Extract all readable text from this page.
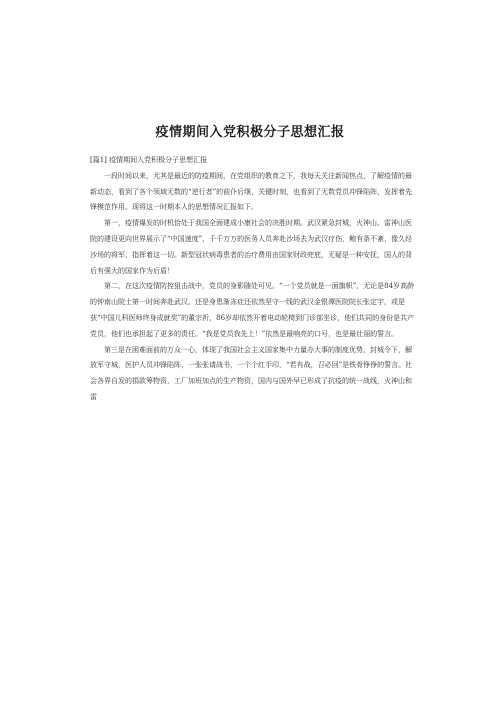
疫情期间入党积极分子思想汇报

[篇1] 疫情期间入党积极分子思想汇报

一段时间以来，尤其是最近的防疫期间，在党组织的教育之下，我每天关注新闻热点，了解疫情的最新动态，看到了各个领域无数的“逆行者”的前仆后继，关键时刻，也看到了无数党员冲锋陷阵，发挥着先锋模范作用。现将这一时期本人的思想情况汇报如下。

第一，疫情爆发的时机恰处于我国全面建成小康社会的决胜时期。武汉紧急封城，火神山、雷神山医院的建设更向世界展示了“中国速度”，千千万万的医务人员奔赴沙场去为武汉疗伤，鲍有条不紊，像久经沙场的将军，指挥着这一切。新型冠状病毒患者的治疗费用由国家财政兜底，无疑是一种安抚，国人的背后有强大的国家作为后盾！

第二，在这次疫情防控狙击战中，党员的身影随处可见。“一个党员就是一面旗帜”，无论是84岁高龄的钟南山院士第一时间奔赴武汉、还是身患渐冻症还依然坚守一线的武汉金银潭医院院长张定宇，或是获“中国儿科医师终身成就奖”的董宗祈，86岁却依然开着电动轮椅到门诊部坐诊，他们共同的身份是共产党员，他们也承担起了更多的责任。“我是党员我先上！”依然是最响亮的口号，也是最壮丽的誓言。

第三是在困难面前的万众一心，体现了我国社会主义国家集中力量办大事的制度优势，封城令下，解放军守城，医护人员冲锋陷阵，一张张请战书，一个个红手印，“若有战，召必回”是铁骨铮铮的誓言。社会各界自发的捐款筹物资，工厂加班加点的生产物资，国内与国外早已形成了抗疫的统一战线，火神山和雷
